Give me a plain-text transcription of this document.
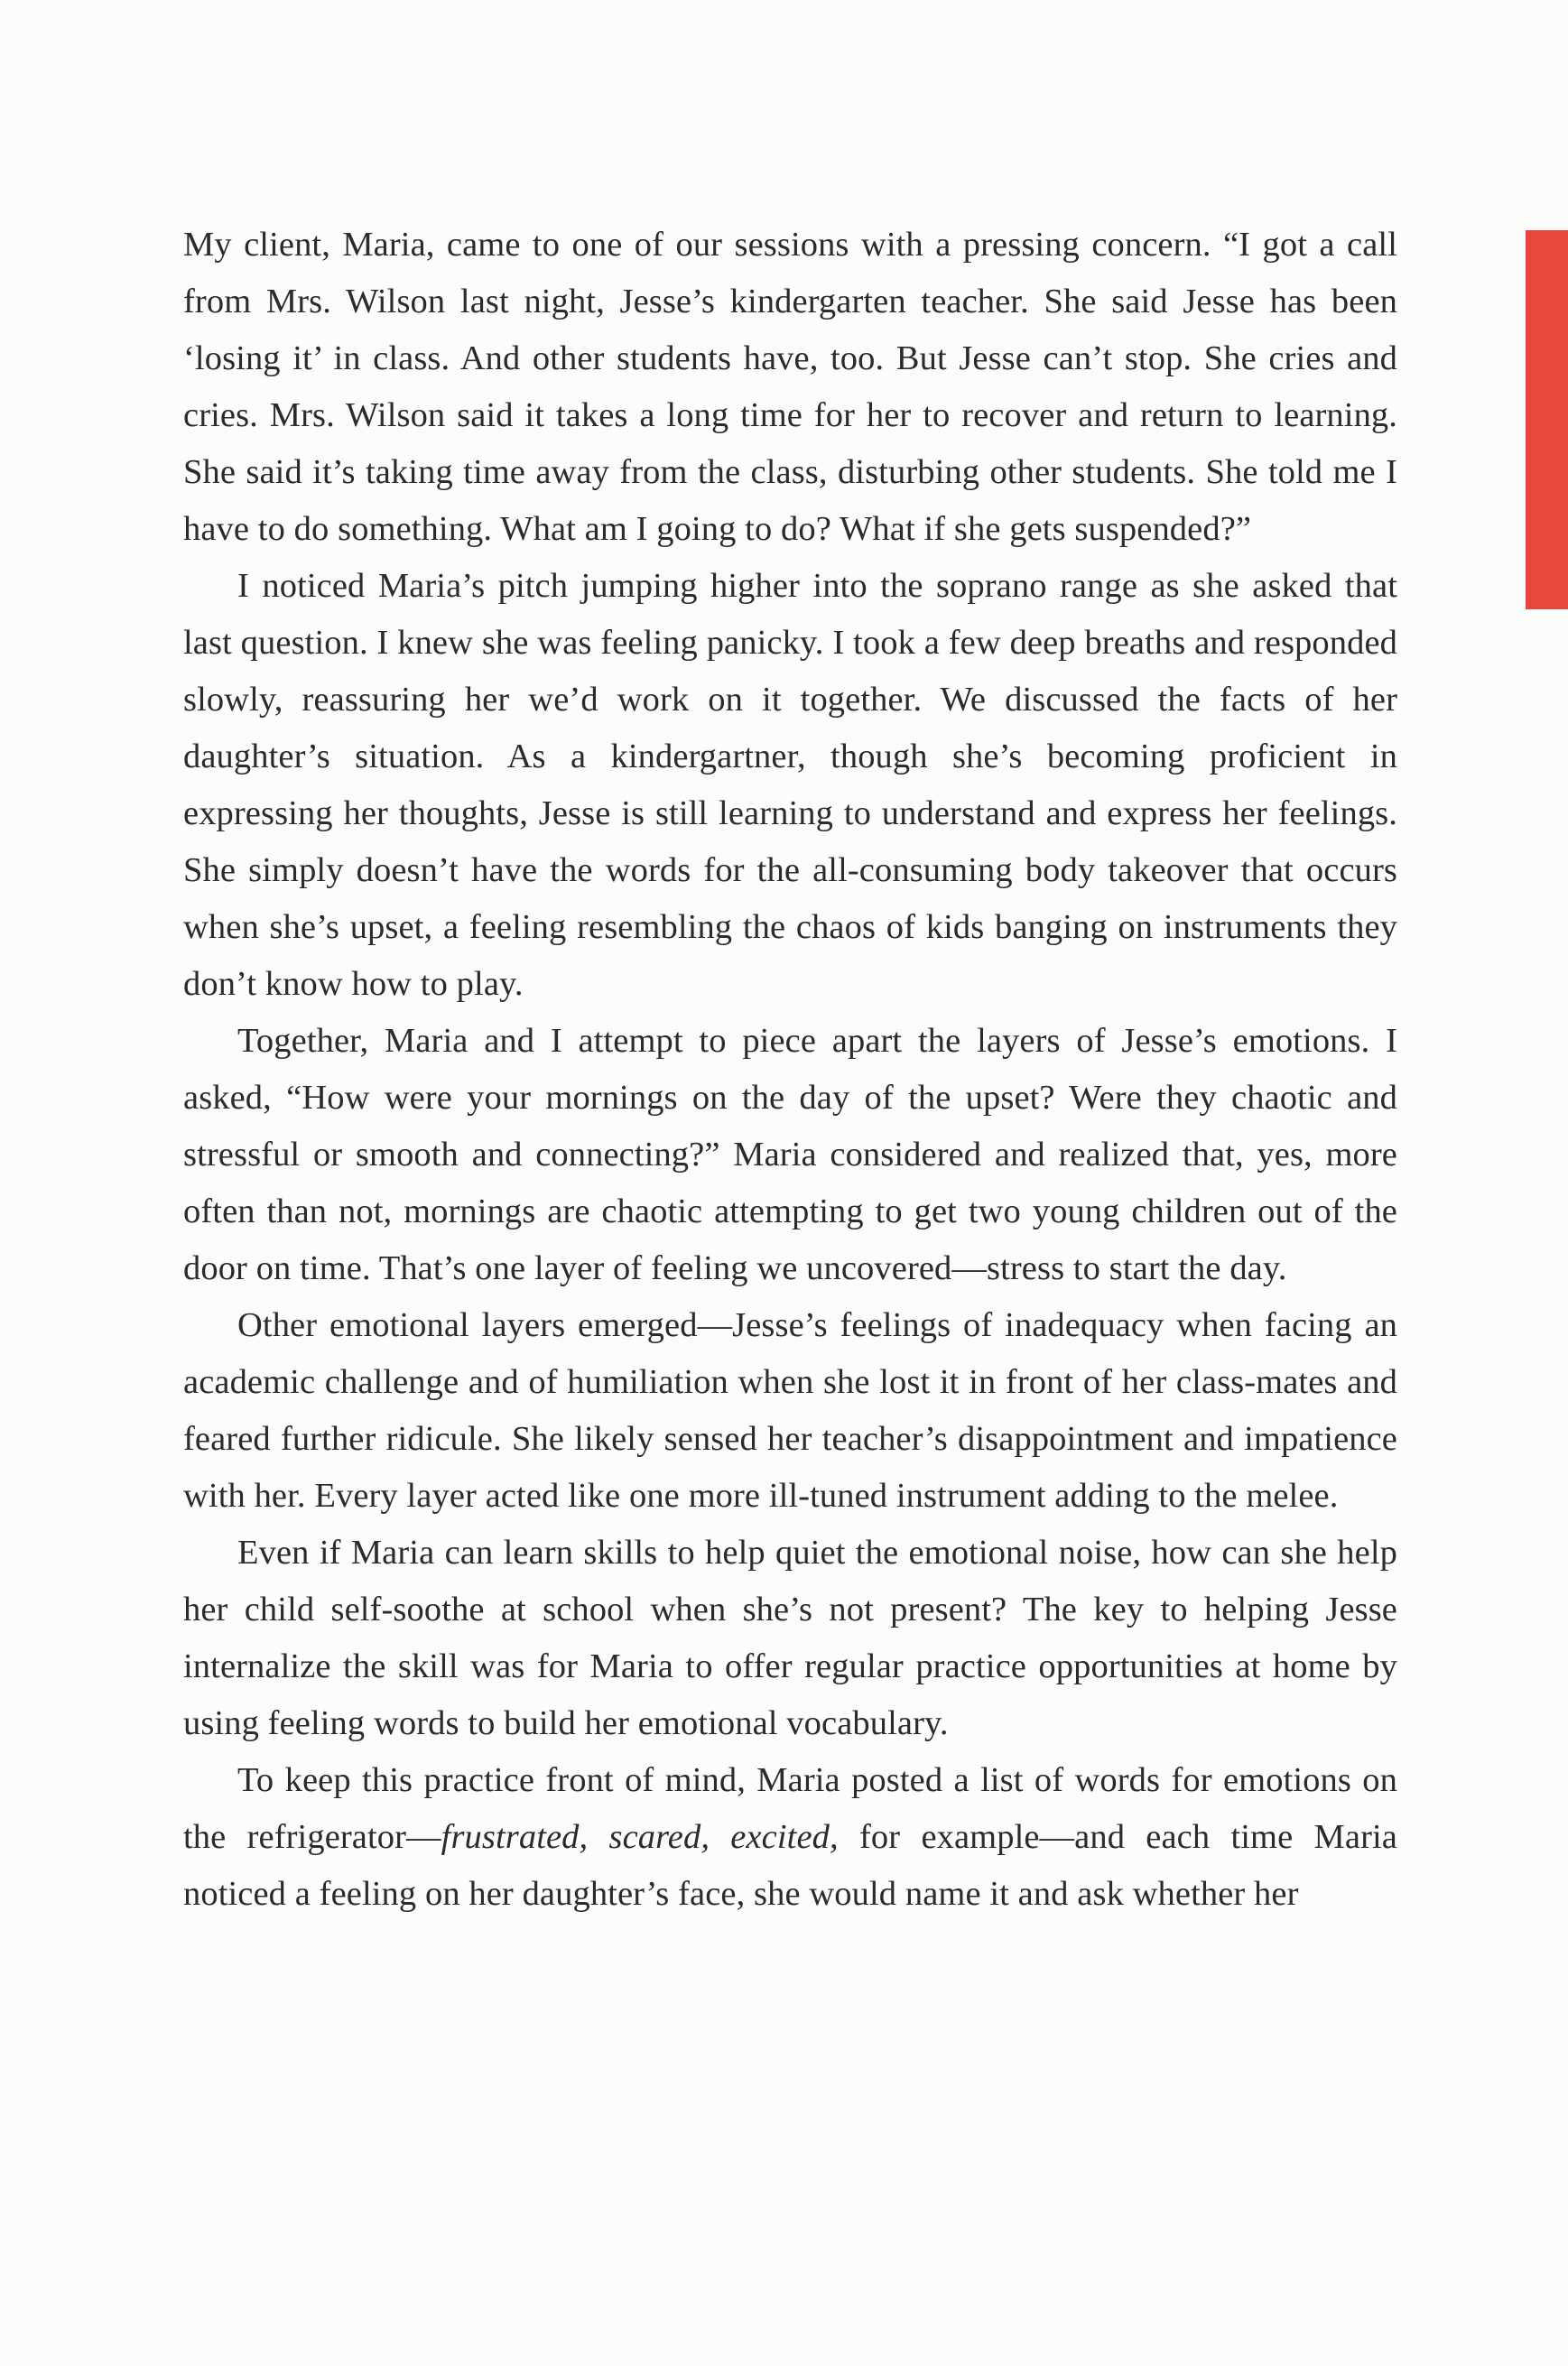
My client, Maria, came to one of our sessions with a pressing concern. “I got a call from Mrs. Wilson last night, Jesse’s kindergarten teacher. She said Jesse has been ‘losing it’ in class. And other students have, too. But Jesse can’t stop. She cries and cries. Mrs. Wilson said it takes a long time for her to recover and return to learning. She said it’s taking time away from the class, disturbing other students. She told me I have to do something. What am I going to do? What if she gets suspended?”

I noticed Maria’s pitch jumping higher into the soprano range as she asked that last question. I knew she was feeling panicky. I took a few deep breaths and responded slowly, reassuring her we’d work on it together. We discussed the facts of her daughter’s situation. As a kindergartner, though she’s becoming proficient in expressing her thoughts, Jesse is still learning to understand and express her feelings. She simply doesn’t have the words for the all-consuming body takeover that occurs when she’s upset, a feeling resembling the chaos of kids banging on instruments they don’t know how to play.

Together, Maria and I attempt to piece apart the layers of Jesse’s emotions. I asked, “How were your mornings on the day of the upset? Were they chaotic and stressful or smooth and connecting?” Maria considered and realized that, yes, more often than not, mornings are chaotic attempting to get two young children out of the door on time. That’s one layer of feeling we uncovered—stress to start the day.

Other emotional layers emerged—Jesse’s feelings of inadequacy when facing an academic challenge and of humiliation when she lost it in front of her class-mates and feared further ridicule. She likely sensed her teacher’s disappointment and impatience with her. Every layer acted like one more ill-tuned instrument adding to the melee.

Even if Maria can learn skills to help quiet the emotional noise, how can she help her child self-soothe at school when she’s not present? The key to helping Jesse internalize the skill was for Maria to offer regular practice opportunities at home by using feeling words to build her emotional vocabulary.

To keep this practice front of mind, Maria posted a list of words for emotions on the refrigerator—frustrated, scared, excited, for example—and each time Maria noticed a feeling on her daughter’s face, she would name it and ask whether her
